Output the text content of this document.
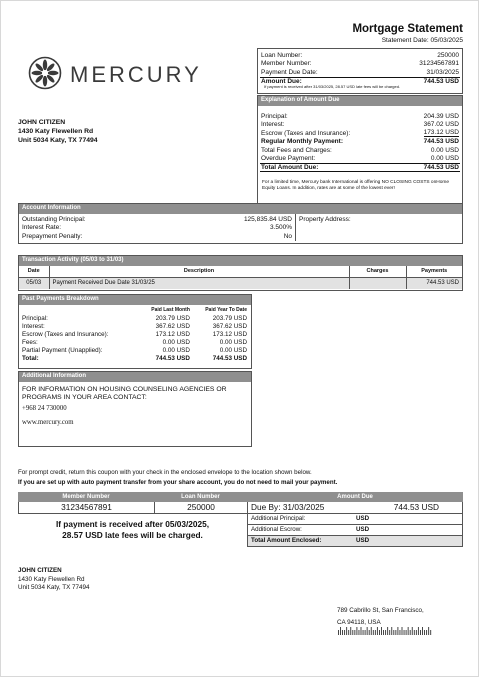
Mortgage Statement
Statement Date: 05/03/2025
MERCURY
JOHN CITIZEN
1430 Katy Flewellen Rd
Unit 5034 Katy, TX 77494
Loan Number:	250000
Member Number:	31234567891
Payment Due Date:	31/03/2025
Amount Due:	744.53 USD
If payment is received after 31/03/2025, 28.57 USD late fees will be charged.
Explanation of Amount Due
Principal:	204.39 USD
Interest:	367.02 USD
Escrow (Taxes and Insurance):	173.12 USD
Regular Monthly Payment:	744.53 USD
Total Fees and Charges:	0.00 USD
Overdue Payment:	0.00 USD
Total Amount Due:	744.53 USD
For a limited time, Mercury bank International is offering NO CLOSING COSTS onHome Equity Loans. In addition, rates are at some of the lowest ever!
Account Information
Outstanding Principal:	125,835.84 USD
Interest Rate:	3.500%
Prepayment Penalty:	No
Property Address:
Transaction Activity (05/03 to 31/03)
Date	Description	Charges	Payments
05/03	Payment Received Due Date 31/03/25		744.53 USD
Past Payments Breakdown
	Paid Last Month	Paid Year To Date
Principal:	203.79 USD	203.79 USD
Interest:	367.62 USD	367.62 USD
Escrow (Taxes and Insurance):	173.12 USD	173.12 USD
Fees:	0.00 USD	0.00 USD
Partial Payment (Unapplied):	0.00 USD	0.00 USD
Total:	744.53 USD	744.53 USD
Additional Information
FOR INFORMATION ON HOUSING COUNSELING AGENCIES OR PROGRAMS IN YOUR AREA CONTACT:
+968 24 730000
www.mercury.com
For prompt credit, return this coupon with your check in the enclosed envelope to the location shown below.
If you are set up with auto payment transfer from your share account, you do not need to mail your payment.
Member Number	Loan Number	Amount Due
31234567891	250000	Due By: 31/03/2025	744.53 USD
If payment is received after 05/03/2025,
28.57 USD late fees will be charged.
Additional Principal:	USD
Additional Escrow:	USD
Total Amount Enclosed:	USD
JOHN CITIZEN
1430 Katy Flewellen Rd
Unit 5034 Katy, TX 77494
789 Cabrillo St, San Francisco,
CA 94118, USA
